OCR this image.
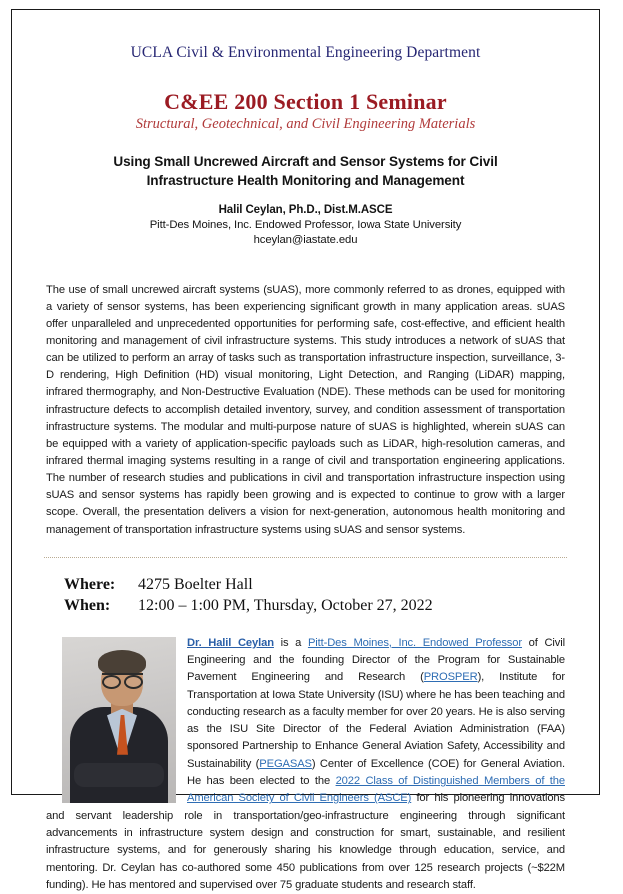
UCLA Civil & Environmental Engineering Department
C&EE 200 Section 1 Seminar
Structural, Geotechnical, and Civil Engineering Materials
Using Small Uncrewed Aircraft and Sensor Systems for Civil Infrastructure Health Monitoring and Management
Halil Ceylan, Ph.D., Dist.M.ASCE
Pitt-Des Moines, Inc. Endowed Professor, Iowa State University
hceylan@iastate.edu
The use of small uncrewed aircraft systems (sUAS), more commonly referred to as drones, equipped with a variety of sensor systems, has been experiencing significant growth in many application areas. sUAS offer unparalleled and unprecedented opportunities for performing safe, cost-effective, and efficient health monitoring and management of civil infrastructure systems. This study introduces a network of sUAS that can be utilized to perform an array of tasks such as transportation infrastructure inspection, surveillance, 3-D rendering, High Definition (HD) visual monitoring, Light Detection, and Ranging (LiDAR) mapping, infrared thermography, and Non-Destructive Evaluation (NDE). These methods can be used for monitoring infrastructure defects to accomplish detailed inventory, survey, and condition assessment of transportation infrastructure systems. The modular and multi-purpose nature of sUAS is highlighted, wherein sUAS can be equipped with a variety of application-specific payloads such as LiDAR, high-resolution cameras, and infrared thermal imaging systems resulting in a range of civil and transportation engineering applications. The number of research studies and publications in civil and transportation infrastructure inspection using sUAS and sensor systems has rapidly been growing and is expected to continue to grow with a larger scope. Overall, the presentation delivers a vision for next-generation, autonomous health monitoring and management of transportation infrastructure systems using sUAS and sensor systems.
Where:	4275 Boelter Hall
When:	12:00 – 1:00 PM, Thursday, October 27, 2022
Dr. Halil Ceylan is a Pitt-Des Moines, Inc. Endowed Professor of Civil Engineering and the founding Director of the Program for Sustainable Pavement Engineering and Research (PROSPER), Institute for Transportation at Iowa State University (ISU) where he has been teaching and conducting research as a faculty member for over 20 years. He is also serving as the ISU Site Director of the Federal Aviation Administration (FAA) sponsored Partnership to Enhance General Aviation Safety, Accessibility and Sustainability (PEGASAS) Center of Excellence (COE) for General Aviation. He has been elected to the 2022 Class of Distinguished Members of the American Society of Civil Engineers (ASCE) for his pioneering innovations and servant leadership role in transportation/geo-infrastructure engineering through significant advancements in infrastructure system design and construction for smart, sustainable, and resilient infrastructure systems, and for generously sharing his knowledge through education, service, and mentoring. Dr. Ceylan has co-authored some 450 publications from over 125 research projects (~$22M funding). He has mentored and supervised over 75 graduate students and research staff.
